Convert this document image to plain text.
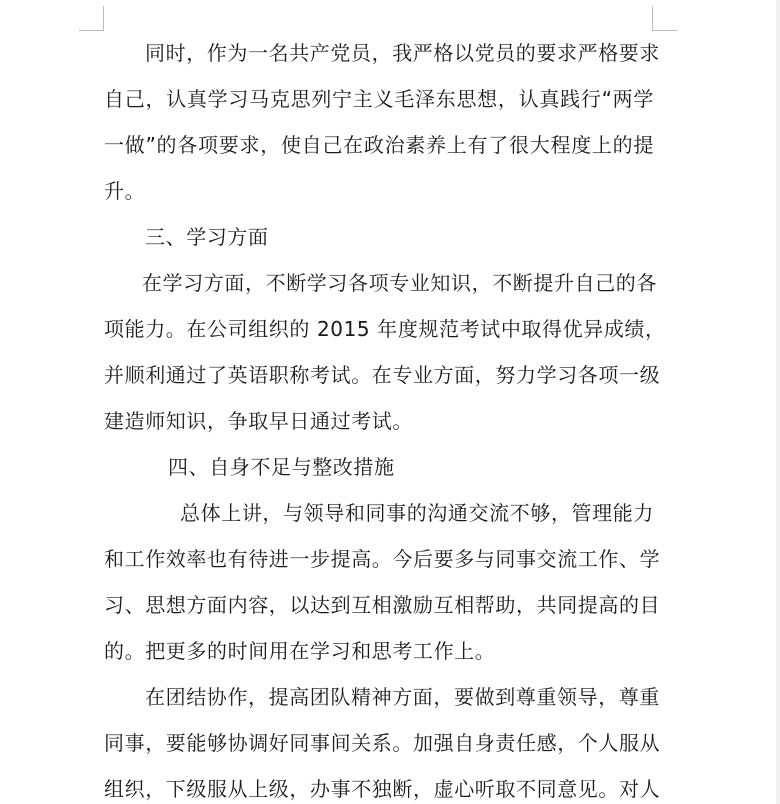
同时，作为一名共产党员，我严格以党员的要求严格要求
自己，认真学习马克思列宁主义毛泽东思想，认真践行“两学
一做”的各项要求，使自己在政治素养上有了很大程度上的提
升。
三、学习方面
在学习方面，不断学习各项专业知识，不断提升自己的各
项能力。在公司组织的 2015 年度规范考试中取得优异成绩，
并顺利通过了英语职称考试。在专业方面，努力学习各项一级
建造师知识，争取早日通过考试。
四、自身不足与整改措施
总体上讲，与领导和同事的沟通交流不够，管理能力
和工作效率也有待进一步提高。今后要多与同事交流工作、学
习、思想方面内容，以达到互相激励互相帮助，共同提高的目
的。把更多的时间用在学习和思考工作上。
在团结协作，提高团队精神方面，要做到尊重领导，尊重
同事，要能够协调好同事间关系。加强自身责任感，个人服从
组织，下级服从上级，办事不独断，虚心听取不同意见。对人
